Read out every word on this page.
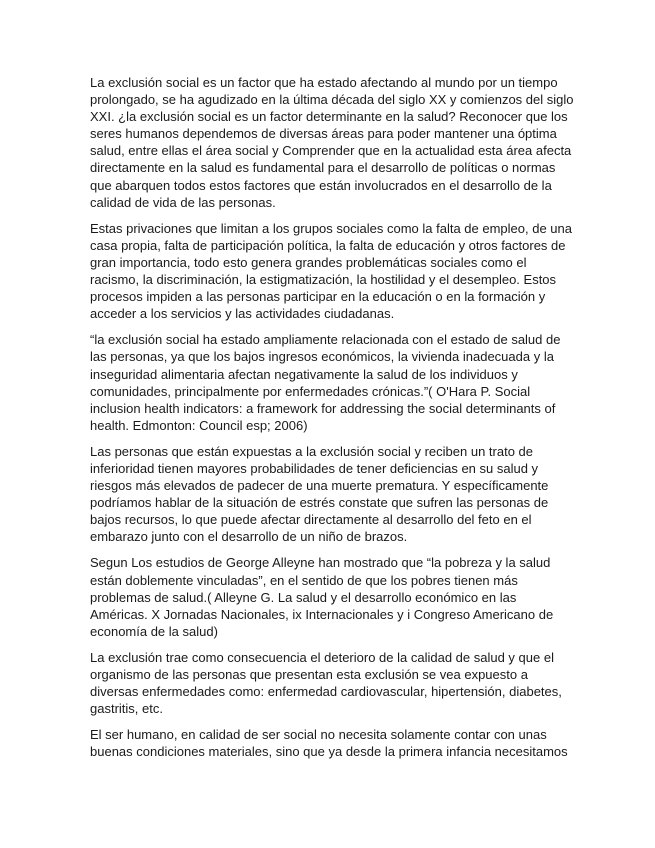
La exclusión social es un factor que ha estado afectando al mundo por un tiempo prolongado, se ha agudizado en la última década del siglo XX y comienzos del siglo XXI. ¿la exclusión social es un factor determinante en la salud? Reconocer que los seres humanos dependemos de diversas áreas para poder mantener una óptima salud, entre ellas el área social y Comprender que en la actualidad esta área afecta directamente en la salud es fundamental para el desarrollo de políticas o normas que abarquen todos estos factores que están involucrados en el desarrollo de la calidad de vida de las personas.

Estas privaciones que limitan a los grupos sociales como la falta de empleo, de una casa propia, falta de participación política, la falta de educación y otros factores de gran importancia, todo esto genera grandes problemáticas sociales como el racismo, la discriminación, la estigmatización, la hostilidad y el desempleo. Estos procesos impiden a las personas participar en la educación o en la formación y acceder a los servicios y las actividades ciudadanas.

“la exclusión social ha estado ampliamente relacionada con el estado de salud de las personas, ya que los bajos ingresos económicos, la vivienda inadecuada y la inseguridad alimentaria afectan negativamente la salud de los individuos y comunidades, principalmente por enfermedades crónicas.”( O'Hara P. Social inclusion health indicators: a framework for addressing the social determinants of health. Edmonton: Council esp; 2006)

Las personas que están expuestas a la exclusión social y reciben un trato de inferioridad tienen mayores probabilidades de tener deficiencias en su salud y riesgos más elevados de padecer de una muerte prematura. Y específicamente podríamos hablar de la situación de estrés constate que sufren las personas de bajos recursos, lo que puede afectar directamente al desarrollo del feto en el embarazo junto con el desarrollo de un niño de brazos.

Segun Los estudios de George Alleyne han mostrado que “la pobreza y la salud están doblemente vinculadas”, en el sentido de que los pobres tienen más problemas de salud.( Alleyne G. La salud y el desarrollo económico en las Américas. X Jornadas Nacionales, ix Internacionales y i Congreso Americano de economía de la salud)

La exclusión trae como consecuencia el deterioro de la calidad de salud y que el organismo de las personas que presentan esta exclusión se vea expuesto a diversas enfermedades como: enfermedad cardiovascular, hipertensión, diabetes, gastritis, etc.

El ser humano, en calidad de ser social no necesita solamente contar con unas buenas condiciones materiales, sino que ya desde la primera infancia necesitamos
